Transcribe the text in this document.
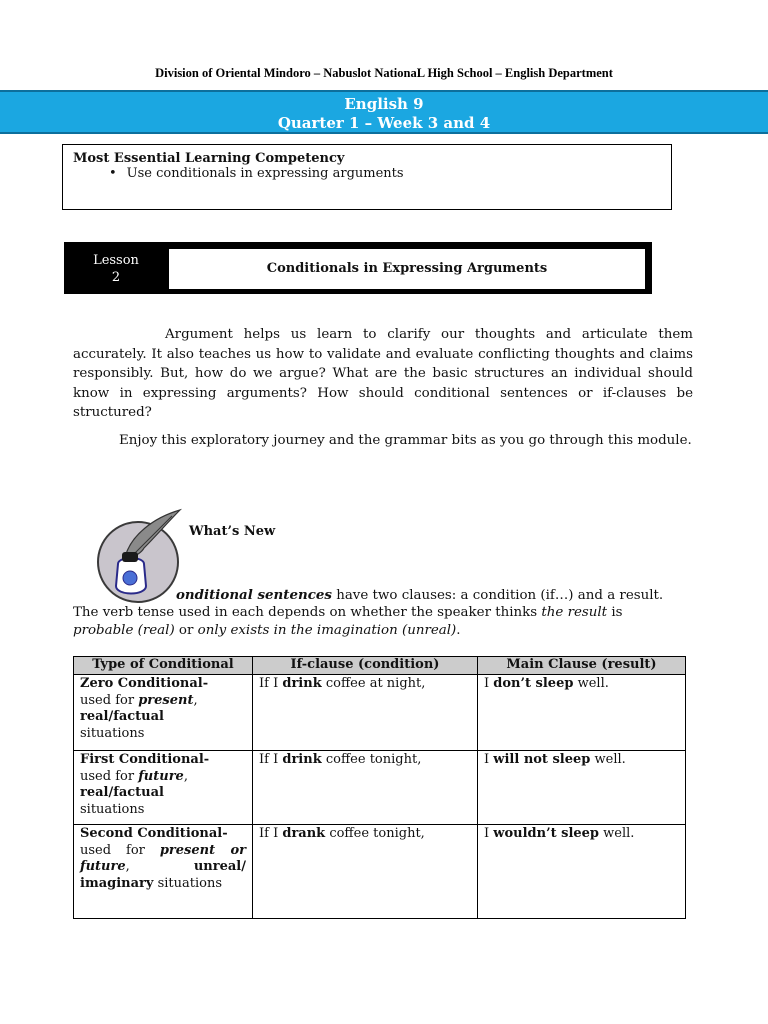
Division of Oriental Mindoro – Nabuslot NationaL High School – English Department
English 9
Quarter 1 – Week 3 and 4
Most Essential Learning Competency
• Use conditionals in expressing arguments
Lesson
2
Conditionals in Expressing Arguments
Argument helps us learn to clarify our thoughts and articulate them accurately. It also teaches us how to validate and evaluate conflicting thoughts and claims responsibly. But, how do we argue? What are the basic structures an individual should know in expressing arguments? How should conditional sentences or if-clauses be structured?
Enjoy this exploratory journey and the grammar bits as you go through this module.
What’s New
onditional sentences have two clauses: a condition (if…) and a result.
The verb tense used in each depends on whether the speaker thinks the result is
probable (real) or only exists in the imagination (unreal).
Type of Conditional	If-clause (condition)	Main Clause (result)
Zero Conditional-
used for present,
real/factual
situations	If I drink coffee at night,	I don’t sleep well.
First Conditional-
used for future,
real/factual
situations	If I drink coffee tonight,	I will not sleep well.
Second Conditional-
used for present or future, unreal/ imaginary situations	If I drank coffee tonight,	I wouldn’t sleep well.
